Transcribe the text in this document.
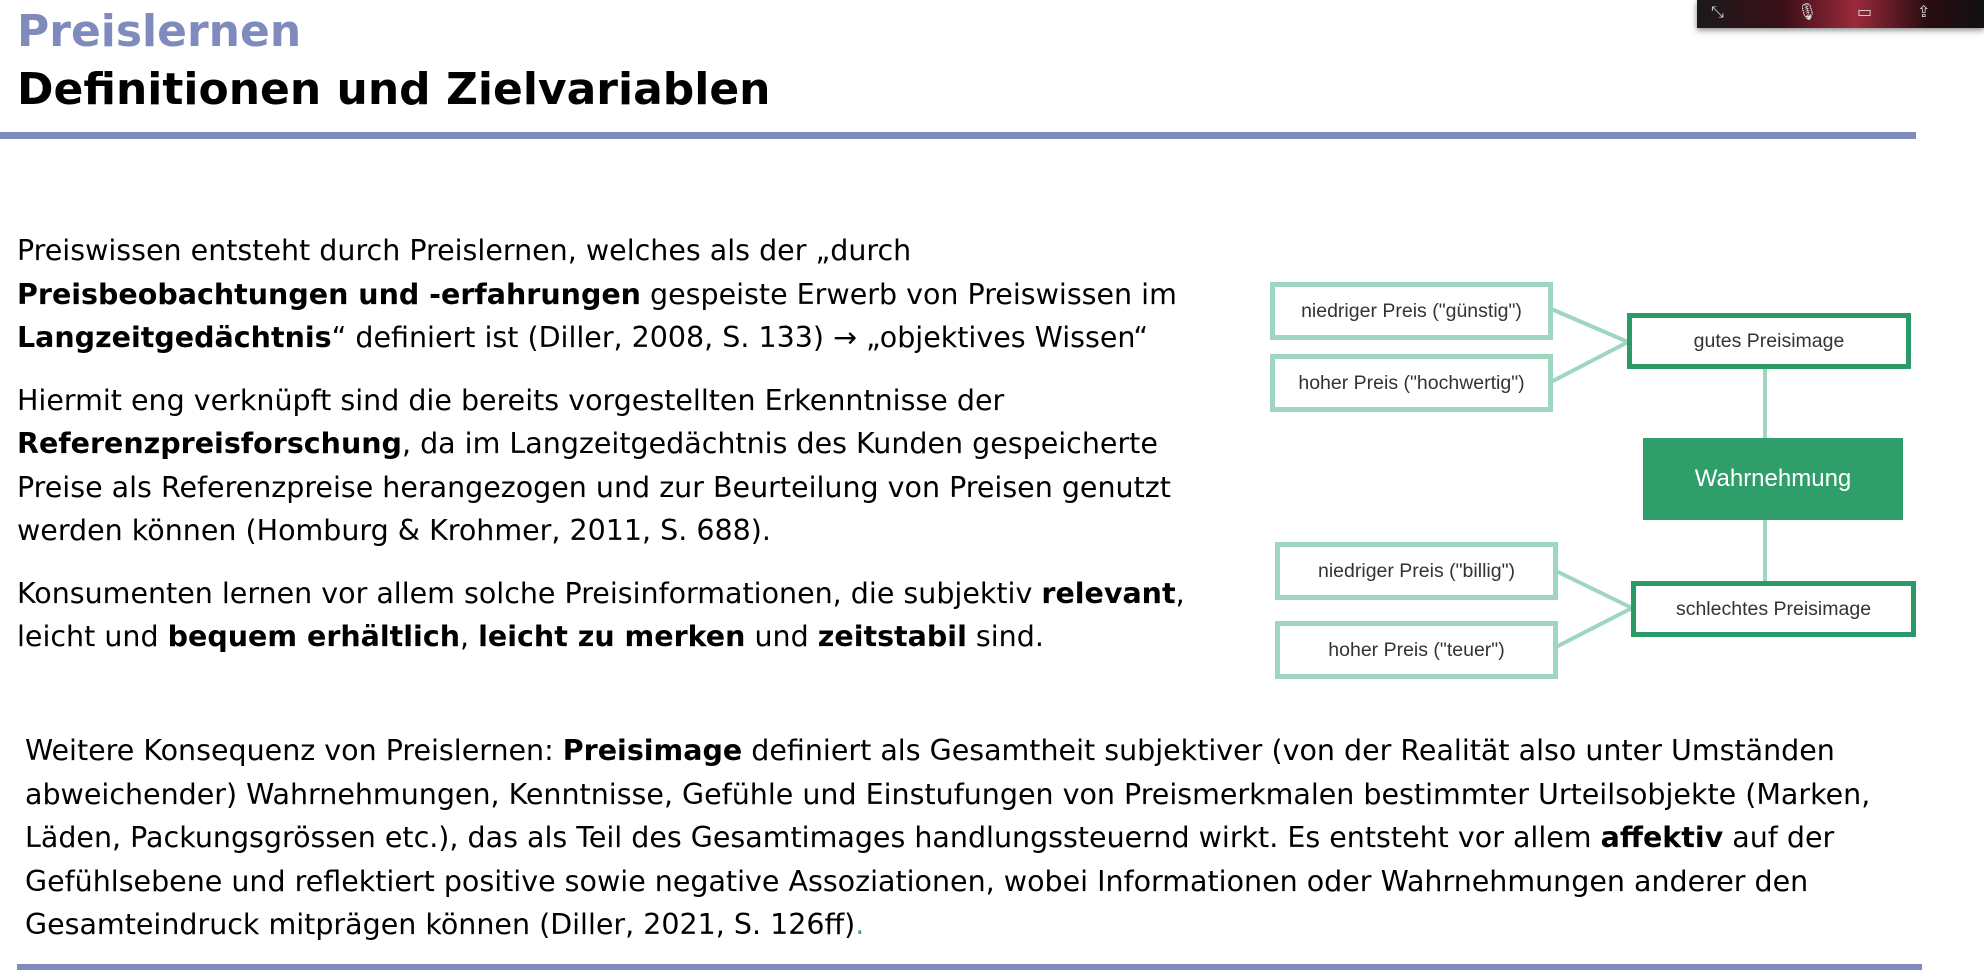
Preislernen
Definitionen und Zielvariablen
⤡	🎙 ▭	⇪

Preiswissen entsteht durch Preislernen, welches als der „durch Preisbeobachtungen und -erfahrungen gespeiste Erwerb von Preiswissen im Langzeitgedächtnis“ definiert ist (Diller, 2008, S. 133) → „objektives Wissen“

Hiermit eng verknüpft sind die bereits vorgestellten Erkenntnisse der Referenzpreisforschung, da im Langzeitgedächtnis des Kunden gespeicherte Preise als Referenzpreise herangezogen und zur Beurteilung von Preisen genutzt werden können (Homburg & Krohmer, 2011, S. 688).

Konsumenten lernen vor allem solche Preisinformationen, die subjektiv relevant, leicht und bequem erhältlich, leicht zu merken und zeitstabil sind.

niedriger Preis ("günstig")
hoher Preis ("hochwertig")
gutes Preisimage
Wahrnehmung
niedriger Preis ("billig")
hoher Preis ("teuer")
schlechtes Preisimage

Weitere Konsequenz von Preislernen: Preisimage definiert als Gesamtheit subjektiver (von der Realität also unter Umständen abweichender) Wahrnehmungen, Kenntnisse, Gefühle und Einstufungen von Preismerkmalen bestimmter Urteilsobjekte (Marken, Läden, Packungsgrössen etc.), das als Teil des Gesamtimages handlungssteuernd wirkt. Es entsteht vor allem affektiv auf der Gefühlsebene und reflektiert positive sowie negative Assoziationen, wobei Informationen oder Wahrnehmungen anderer den Gesamteindruck mitprägen können (Diller, 2021, S. 126ff).
